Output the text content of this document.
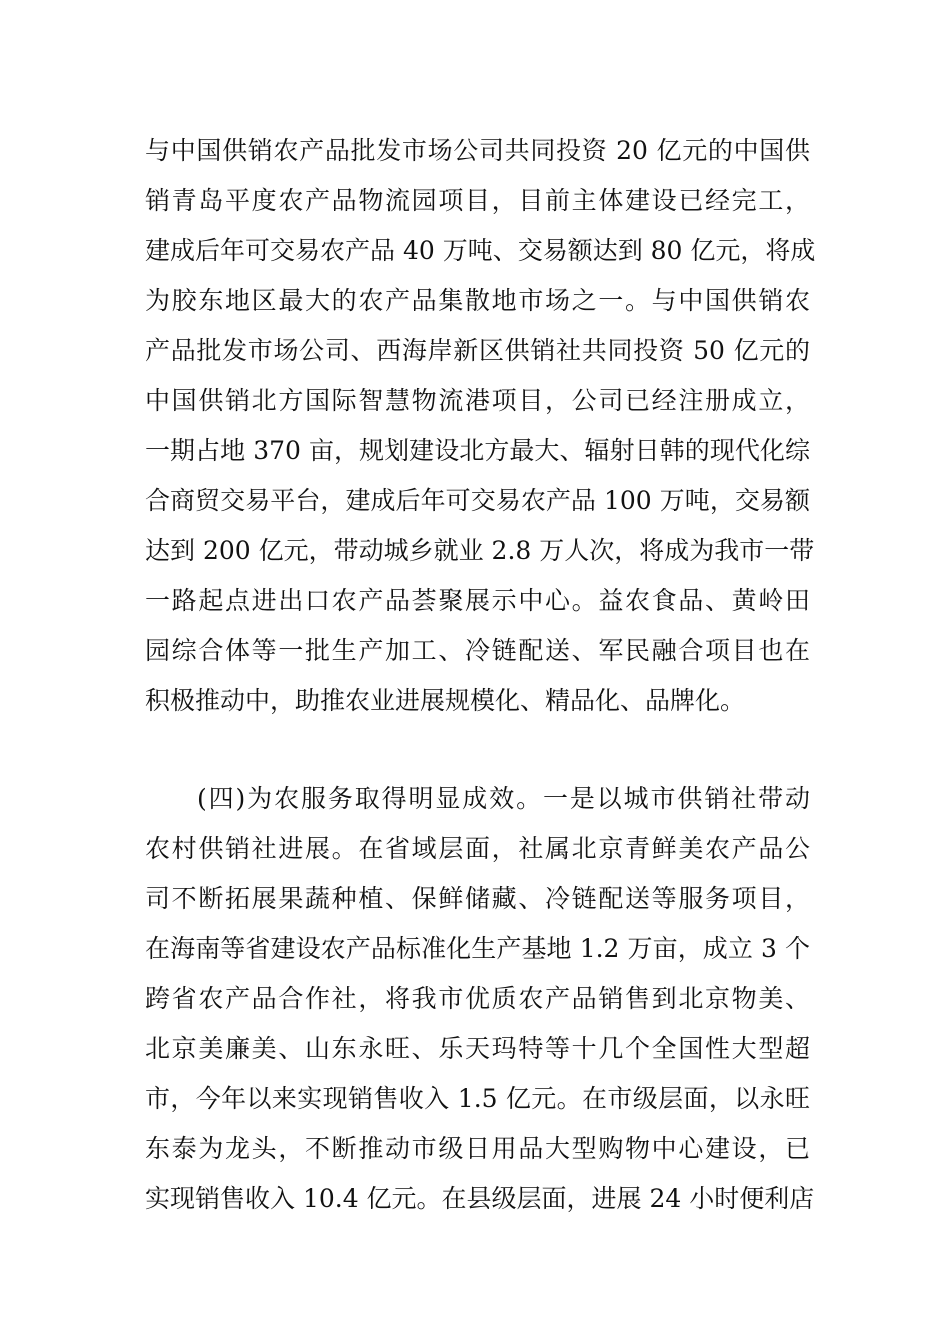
与中国供销农产品批发市场公司共同投资 20 亿元的中国供
销青岛平度农产品物流园项目，目前主体建设已经完工，
建成后年可交易农产品 40 万吨、交易额达到 80 亿元，将成
为胶东地区最大的农产品集散地市场之一。与中国供销农
产品批发市场公司、西海岸新区供销社共同投资 50 亿元的
中国供销北方国际智慧物流港项目，公司已经注册成立，
一期占地 370 亩，规划建设北方最大、辐射日韩的现代化综
合商贸交易平台，建成后年可交易农产品 100 万吨，交易额
达到 200 亿元，带动城乡就业 2.8 万人次，将成为我市一带
一路起点进出口农产品荟聚展示中心。益农食品、黄岭田
园综合体等一批生产加工、冷链配送、军民融合项目也在
积极推动中，助推农业进展规模化、精品化、品牌化。
(四)为农服务取得明显成效。一是以城市供销社带动
农村供销社进展。在省域层面，社属北京青鲜美农产品公
司不断拓展果蔬种植、保鲜储藏、冷链配送等服务项目，
在海南等省建设农产品标准化生产基地 1.2 万亩，成立 3 个
跨省农产品合作社，将我市优质农产品销售到北京物美、
北京美廉美、山东永旺、乐天玛特等十几个全国性大型超
市，今年以来实现销售收入 1.5 亿元。在市级层面，以永旺
东泰为龙头，不断推动市级日用品大型购物中心建设，已
实现销售收入 10.4 亿元。在县级层面，进展 24 小时便利店
